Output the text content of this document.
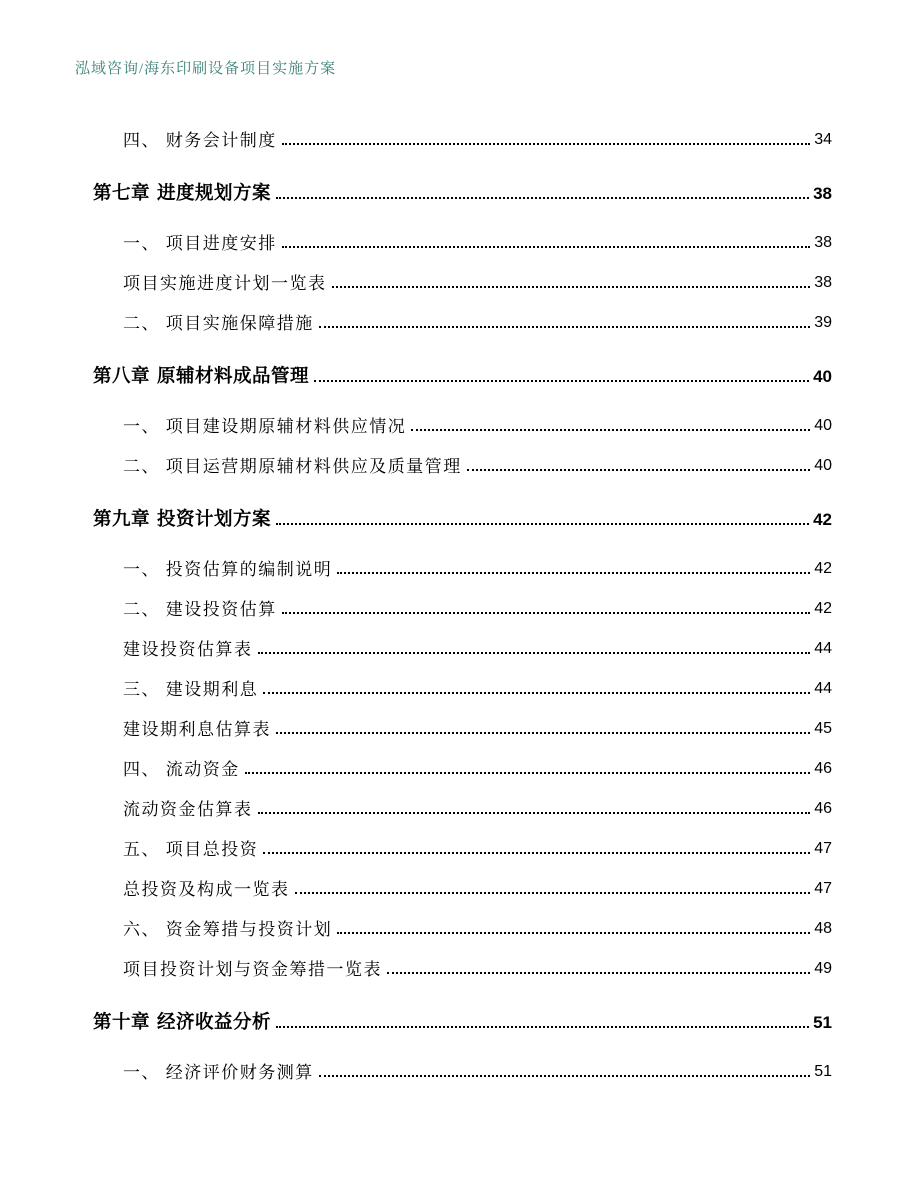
泓域咨询/海东印刷设备项目实施方案
四、 财务会计制度	34
第七章 进度规划方案	38
一、 项目进度安排	38
项目实施进度计划一览表	38
二、 项目实施保障措施	39
第八章 原辅材料成品管理	40
一、 项目建设期原辅材料供应情况	40
二、 项目运营期原辅材料供应及质量管理	40
第九章 投资计划方案	42
一、 投资估算的编制说明	42
二、 建设投资估算	42
建设投资估算表	44
三、 建设期利息	44
建设期利息估算表	45
四、 流动资金	46
流动资金估算表	46
五、 项目总投资	47
总投资及构成一览表	47
六、 资金筹措与投资计划	48
项目投资计划与资金筹措一览表	49
第十章 经济收益分析	51
一、 经济评价财务测算	51
